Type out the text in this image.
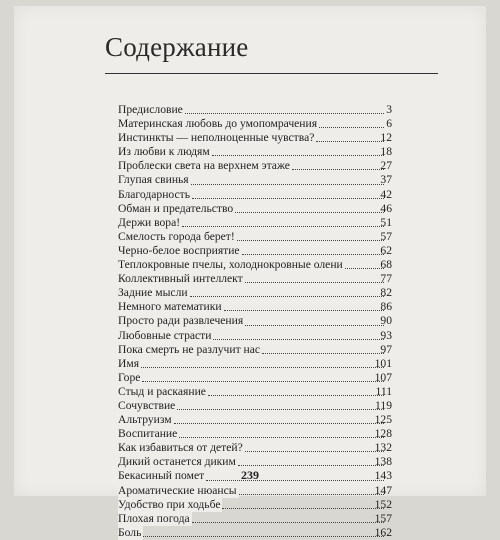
Содержание
Предисловие	3
Материнская любовь до умопомрачения	6
Инстинкты — неполноценные чувства?	12
Из любви к людям	18
Проблески света на верхнем этаже	27
Глупая свинья	37
Благодарность	42
Обман и предательство	46
Держи вора!	51
Смелость города берет!	57
Черно-белое восприятие	62
Теплокровные пчелы, холоднокровные олени	68
Коллективный интеллект	77
Задние мысли	82
Немного математики	86
Просто ради развлечения	90
Любовные страсти	93
Пока смерть не разлучит нас	97
Имя	101
Горе	107
Стыд и раскаяние	111
Сочувствие	119
Альтруизм	125
Воспитание	128
Как избавиться от детей?	132
Дикий останется диким	138
Бекасиный помет	143
Ароматические нюансы	147
Удобство при ходьбе	152
Плохая погода	157
Боль	162
239
